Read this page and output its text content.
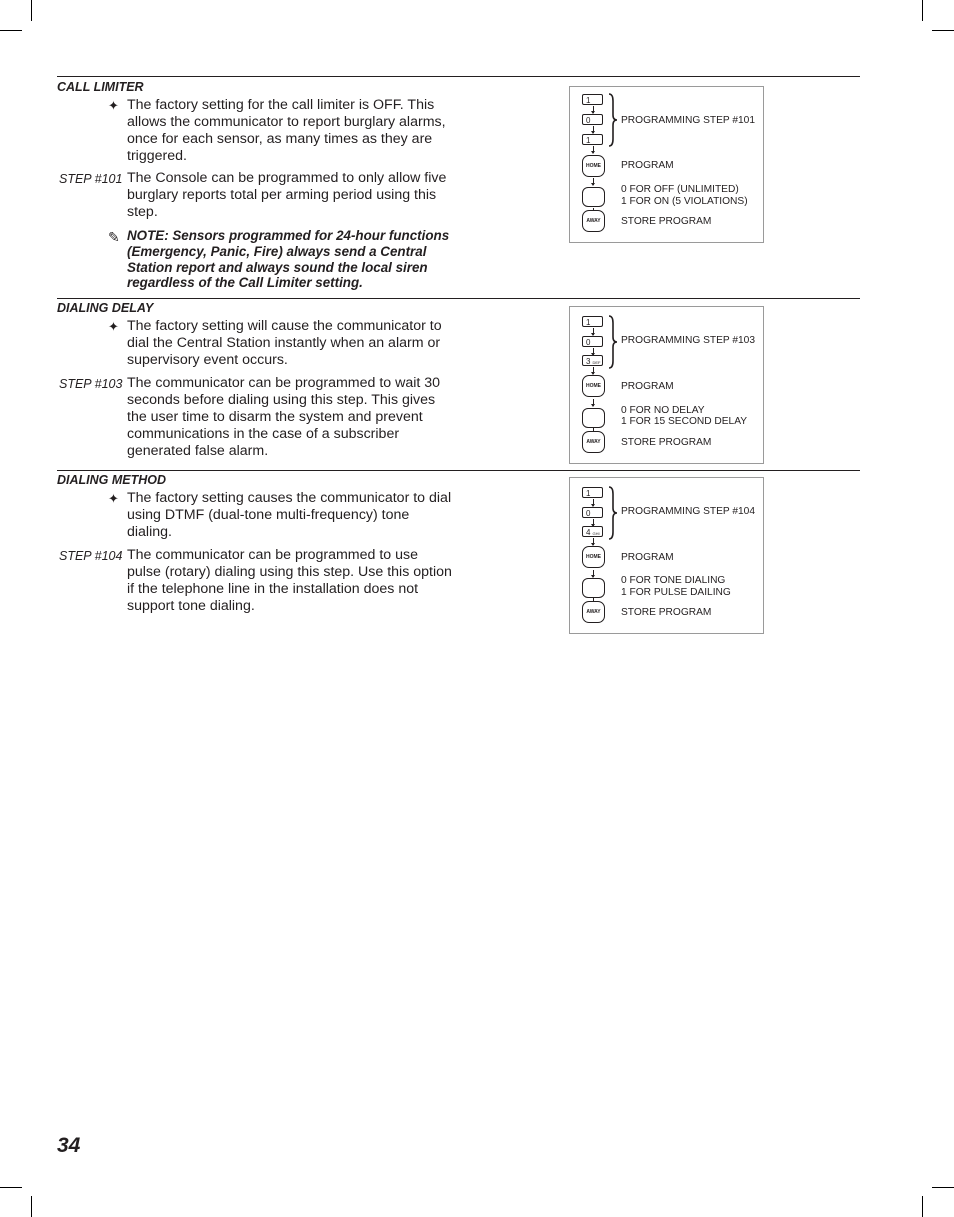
CALL LIMITER
✦ The factory setting for the call limiter is OFF. This allows the communicator to report burglary alarms, once for each sensor, as many times as they are triggered.
STEP #101 The Console can be programmed to only allow five burglary reports total per arming period using this step.
✎ NOTE: Sensors programmed for 24-hour functions (Emergency, Panic, Fire) always send a Central Station report and always sound the local siren regardless of the Call Limiter setting.
1
0
1
PROGRAMMING STEP #101
HOME	PROGRAM
0 FOR OFF (UNLIMITED)
1 FOR ON (5 VIOLATIONS)
AWAY	STORE PROGRAM
DIALING DELAY
✦ The factory setting will cause the communicator to dial the Central Station instantly when an alarm or supervisory event occurs.
STEP #103 The communicator can be programmed to wait 30 seconds before dialing using this step. This gives the user time to disarm the system and prevent communications in the case of a subscriber generated false alarm.
1
0
3 DEF
PROGRAMMING STEP #103
HOME	PROGRAM
0 FOR NO DELAY
1 FOR 15 SECOND DELAY
AWAY	STORE PROGRAM
DIALING METHOD
✦ The factory setting causes the communicator to dial using DTMF (dual-tone multi-frequency) tone dialing.
STEP #104 The communicator can be programmed to use pulse (rotary) dialing using this step. Use this option if the telephone line in the installation does not support tone dialing.
1
0
4 GHI
PROGRAMMING STEP #104
HOME	PROGRAM
0 FOR TONE DIALING
1 FOR PULSE DAILING
AWAY	STORE PROGRAM
34
